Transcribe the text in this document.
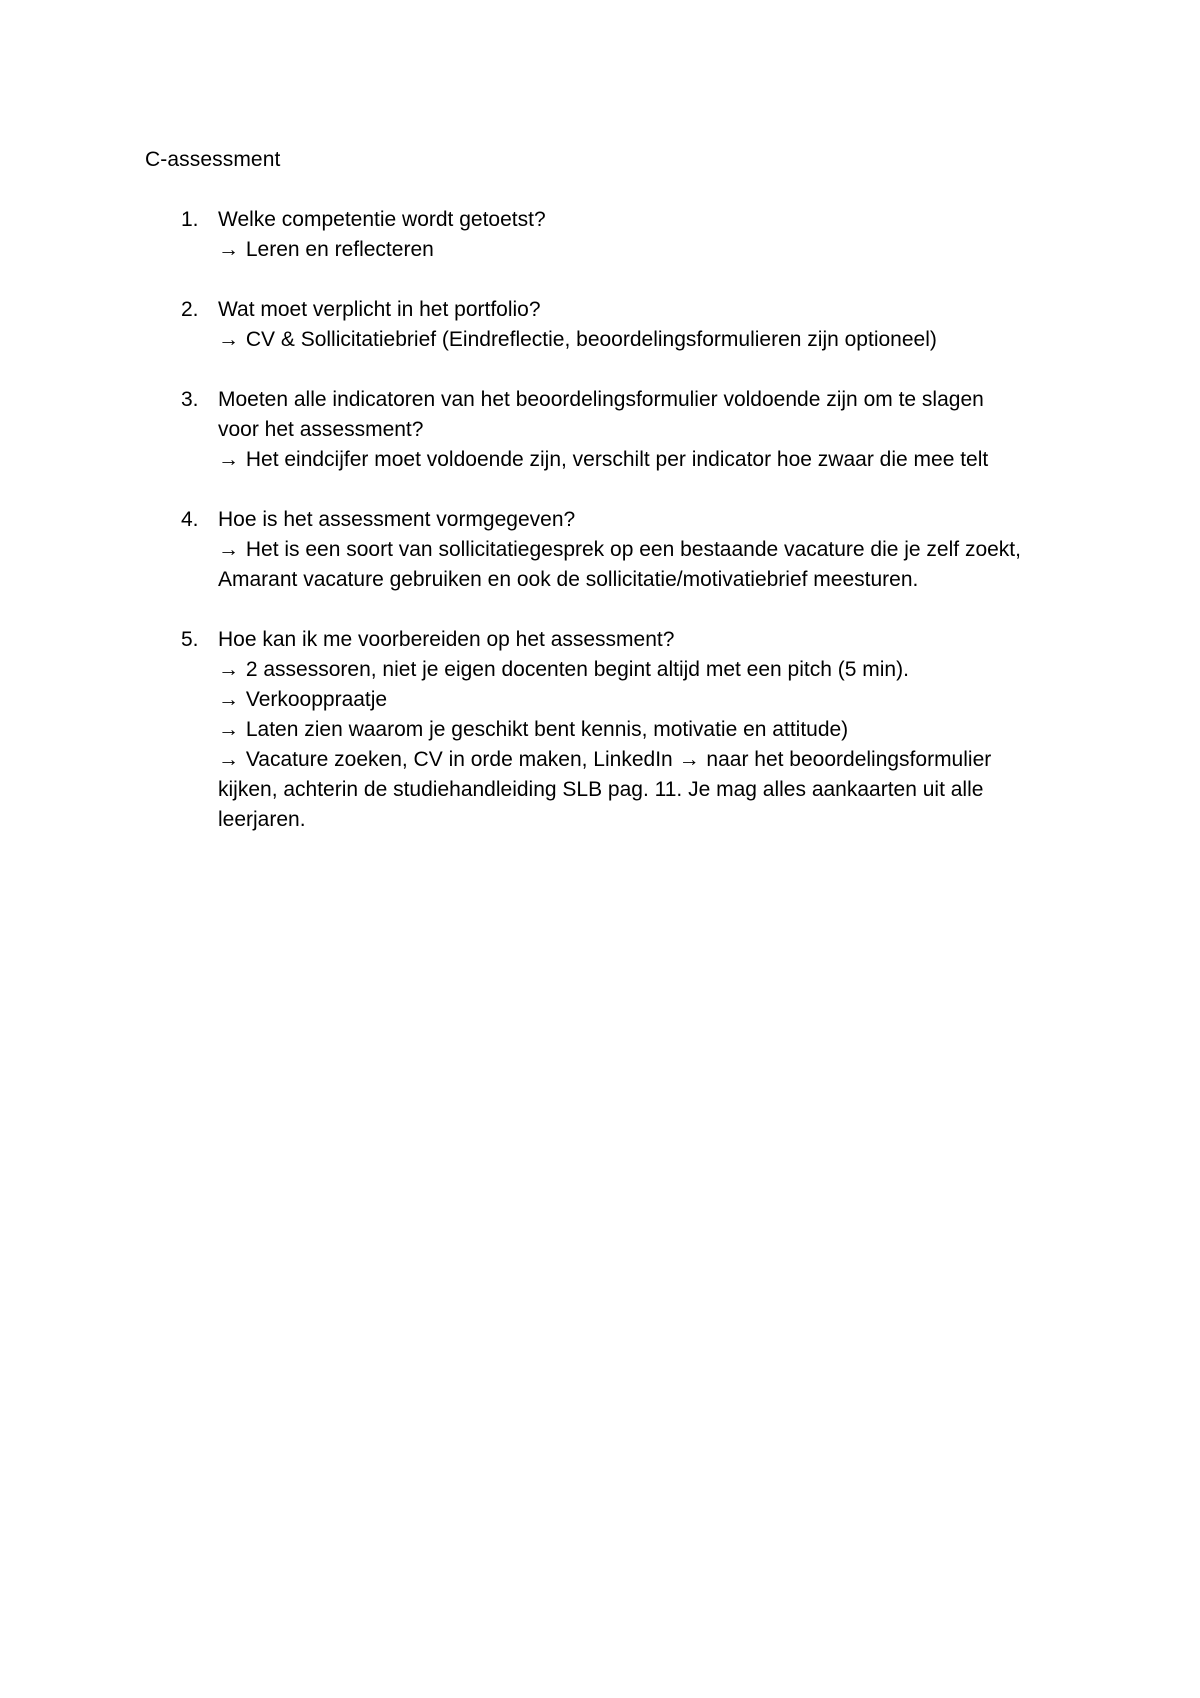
C-assessment
1. Welke competentie wordt getoetst?
→ Leren en reflecteren
2. Wat moet verplicht in het portfolio?
→ CV & Sollicitatiebrief (Eindreflectie, beoordelingsformulieren zijn optioneel)
3. Moeten alle indicatoren van het beoordelingsformulier voldoende zijn om te slagen
voor het assessment?
→ Het eindcijfer moet voldoende zijn, verschilt per indicator hoe zwaar die mee telt
4. Hoe is het assessment vormgegeven?
→ Het is een soort van sollicitatiegesprek op een bestaande vacature die je zelf zoekt,
Amarant vacature gebruiken en ook de sollicitatie/motivatiebrief meesturen.
5. Hoe kan ik me voorbereiden op het assessment?
→ 2 assessoren, niet je eigen docenten begint altijd met een pitch (5 min).
→ Verkooppraatje
→ Laten zien waarom je geschikt bent kennis, motivatie en attitude)
→ Vacature zoeken, CV in orde maken, LinkedIn → naar het beoordelingsformulier
kijken, achterin de studiehandleiding SLB pag. 11. Je mag alles aankaarten uit alle
leerjaren.
